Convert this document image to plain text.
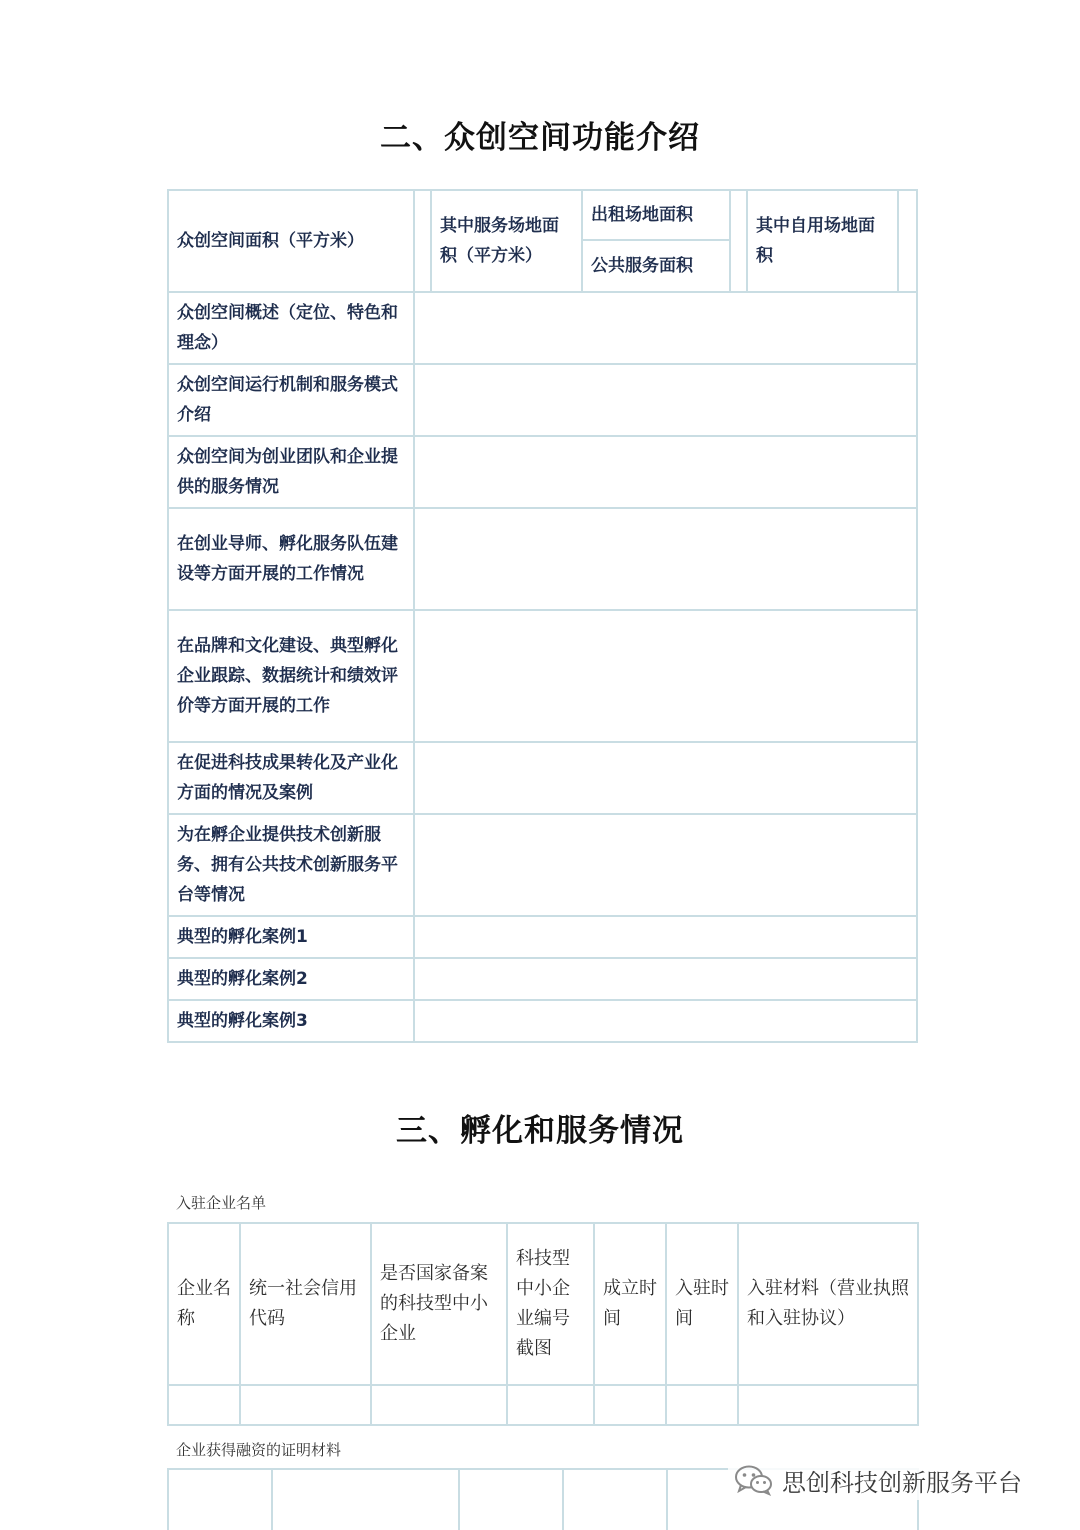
二、众创空间功能介绍
众创空间面积（平方米）		其中服务场地面积（平方米）	出租场地面积		其中自用场地面积	
			公共服务面积			
众创空间概述（定位、特色和理念）						
众创空间运行机制和服务模式介绍						
众创空间为创业团队和企业提供的服务情况						
在创业导师、孵化服务队伍建设等方面开展的工作情况						
在品牌和文化建设、典型孵化企业跟踪、数据统计和绩效评价等方面开展的工作						
在促进科技成果转化及产业化方面的情况及案例						
为在孵企业提供技术创新服务、拥有公共技术创新服务平台等情况						
典型的孵化案例1						
典型的孵化案例2						
典型的孵化案例3						
三、孵化和服务情况
入驻企业名单
企业名称	统一社会信用代码	是否国家备案的科技型中小企业	科技型中小企业编号截图	成立时间	入驻时间	入驻材料（营业执照和入驻协议）

企业获得融资的证明材料

思创科技创新服务平台
